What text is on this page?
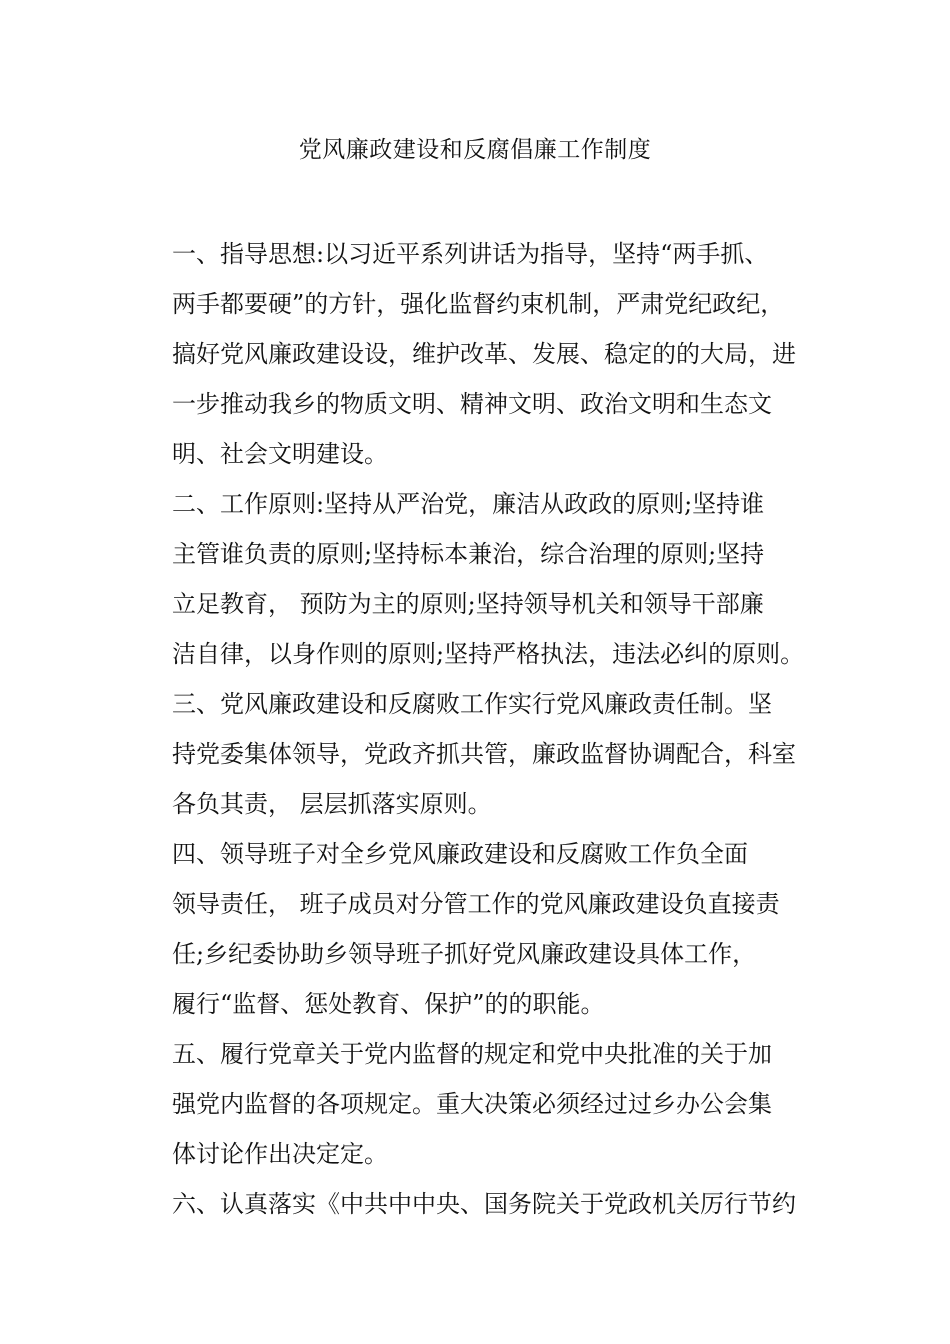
党风廉政建设和反腐倡廉工作制度
一、指导思想:以习近平系列讲话为指导，坚持“两手抓、
两手都要硬”的方针，强化监督约束机制，严肃党纪政纪，
搞好党风廉政建设设，维护改革、发展、稳定的的大局，进
一步推动我乡的物质文明、精神文明、政治文明和生态文
明、社会文明建设。
二、工作原则:坚持从严治党，廉洁从政政的原则;坚持谁
主管谁负责的原则;坚持标本兼治，综合治理的原则;坚持
立足教育， 预防为主的原则;坚持领导机关和领导干部廉
洁自律，以身作则的原则;坚持严格执法，违法必纠的原则。
三、党风廉政建设和反腐败工作实行党风廉政责任制。坚
持党委集体领导，党政齐抓共管，廉政监督协调配合，科室
各负其责， 层层抓落实原则。
四、领导班子对全乡党风廉政建设和反腐败工作负全面
领导责任， 班子成员对分管工作的党风廉政建设负直接责
任;乡纪委协助乡领导班子抓好党风廉政建设具体工作，
履行“监督、惩处教育、保护”的的职能。
五、履行党章关于党内监督的规定和党中央批准的关于加
强党内监督的各项规定。重大决策必须经过过乡办公会集
体讨论作出决定定。
六、认真落实《中共中中央、国务院关于党政机关厉行节约
